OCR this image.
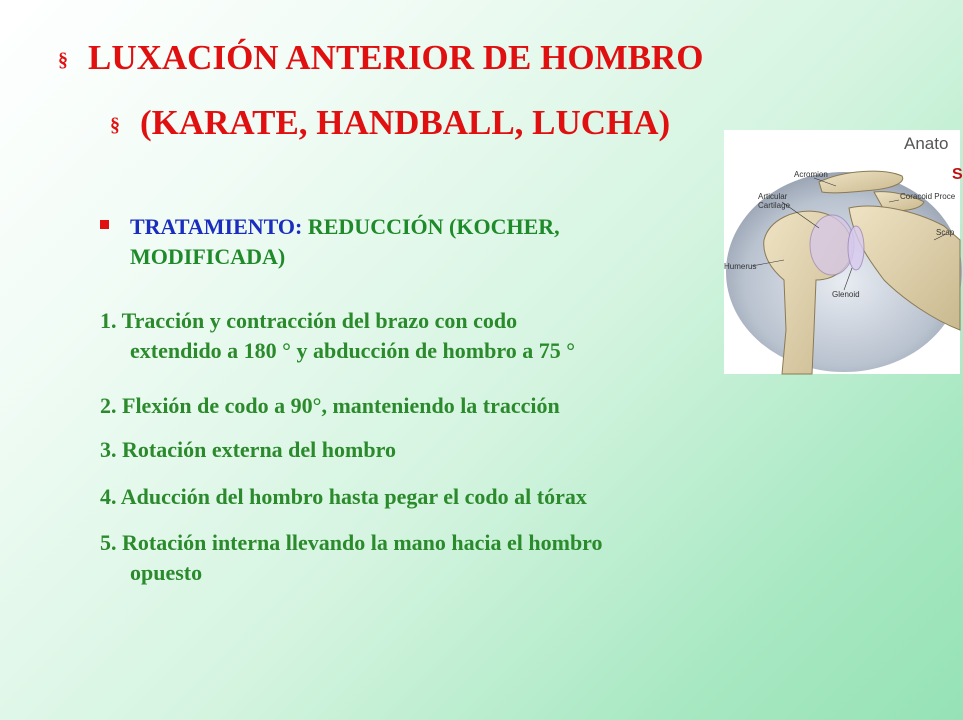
§ LUXACIÓN ANTERIOR DE HOMBRO
§ (KARATE, HANDBALL, LUCHA)
Anato
S
Acromion
Articular
Cartilage
Coracoid Proce
Scap
Humerus
Glenoid
TRATAMIENTO: REDUCCIÓN (KOCHER,
MODIFICADA)
1. Tracción y contracción del brazo con codo
extendido a 180 ° y abducción de hombro a 75 °
2. Flexión de codo a 90°, manteniendo la tracción
3. Rotación externa del hombro
4. Aducción del hombro hasta pegar el codo al tórax
5. Rotación interna llevando la mano hacia el hombro
opuesto
